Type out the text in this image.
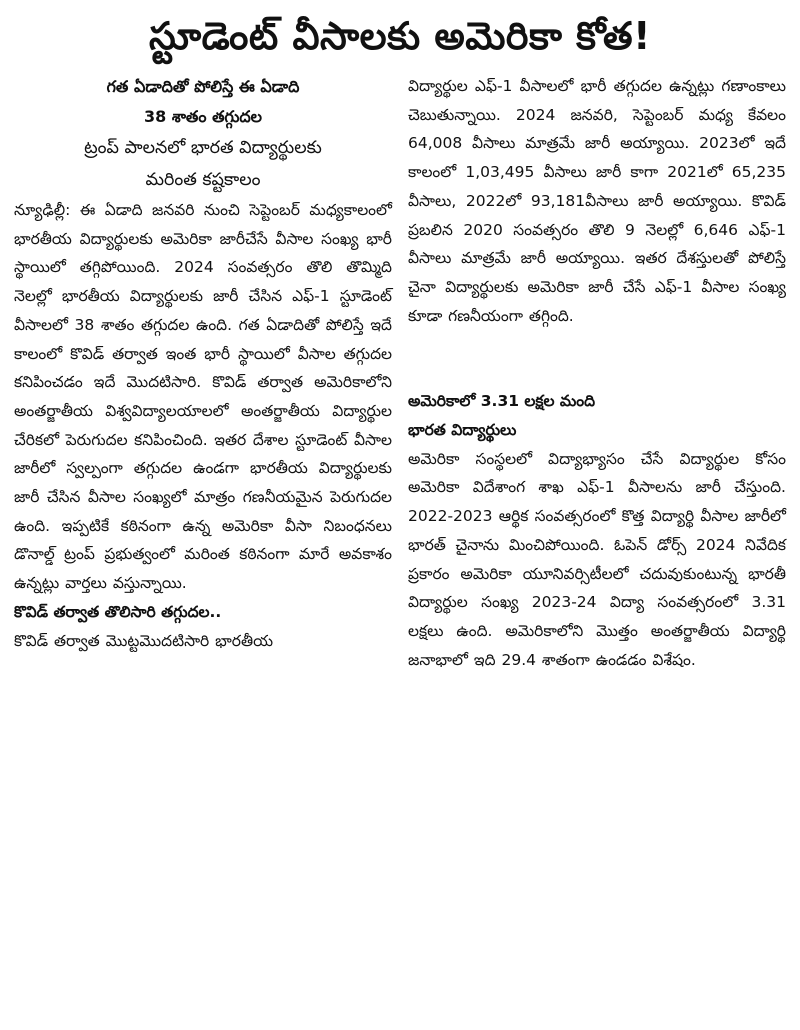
స్టూడెంట్ వీసాలకు అమెరికా కోత!
గత ఏడాదితో పోలిస్తే ఈ ఏడాది
38 శాతం తగ్గుదల
ట్రంప్ పాలనలో భారత విద్యార్థులకు
మరింత కష్టకాలం

న్యూఢిల్లీ: ఈ ఏడాది జనవరి నుంచి సెప్టెంబర్ మధ్యకాలంలో భారతీయ విద్యార్థులకు అమెరికా జారీచేసే వీసాల సంఖ్య భారీ స్థాయిలో తగ్గిపోయింది. 2024 సంవత్సరం తొలి తొమ్మిది నెలల్లో భారతీయ విద్యార్థులకు జారీ చేసిన ఎఫ్-1 స్టూడెంట్ వీసాలలో 38 శాతం తగ్గుదల ఉంది. గత ఏడాదితో పోలిస్తే ఇదే కాలంలో కొవిడ్ తర్వాత ఇంత భారీ స్థాయిలో వీసాల తగ్గుదల కనిపించడం ఇదే మొదటిసారి. కొవిడ్ తర్వాత అమెరికాలోని అంతర్జాతీయ విశ్వవిద్యాలయాలలో అంతర్జాతీయ విద్యార్థుల చేరికలో పెరుగుదల కనిపించింది. ఇతర దేశాల స్టూడెంట్ వీసాల జారీలో స్వల్పంగా తగ్గుదల ఉండగా భారతీయ విద్యార్థులకు జారీ చేసిన వీసాల సంఖ్యలో మాత్రం గణనీయమైన పెరుగుదల ఉంది. ఇప్పటికే కఠినంగా ఉన్న అమెరికా వీసా నిబంధనలు డొనాల్డ్ ట్రంప్ ప్రభుత్వంలో మరింత కఠినంగా మారే అవకాశం ఉన్నట్లు వార్తలు వస్తున్నాయి.

కొవిడ్ తర్వాత తొలిసారి తగ్గుదల..

కొవిడ్ తర్వాత మొట్టమొదటిసారి భారతీయ

విద్యార్థుల ఎఫ్-1 వీసాలలో భారీ తగ్గుదల ఉన్నట్లు గణాంకాలు చెబుతున్నాయి. 2024 జనవరి, సెప్టెంబర్ మధ్య కేవలం 64,008 వీసాలు మాత్రమే జారీ అయ్యాయి. 2023లో ఇదే కాలంలో 1,03,495 వీసాలు జారీ కాగా 2021లో 65,235 వీసాలు, 2022లో 93,181వీసాలు జారీ అయ్యాయి. కొవిడ్ ప్రబలిన 2020 సంవత్సరం తొలి 9 నెలల్లో 6,646 ఎఫ్-1 వీసాలు మాత్రమే జారీ అయ్యాయి. ఇతర దేశస్తులతో పోలిస్తే చైనా విద్యార్థులకు అమెరికా జారీ చేసే ఎఫ్-1 వీసాల సంఖ్య కూడా గణనీయంగా తగ్గింది.

అమెరికాలో 3.31 లక్షల మంది

భారత విద్యార్థులు

అమెరికా సంస్థలలో విద్యాభ్యాసం చేసే విద్యార్థుల కోసం అమెరికా విదేశాంగ శాఖ ఎఫ్-1 వీసాలను జారీ చేస్తుంది. 2022-2023 ఆర్థిక సంవత్సరంలో కొత్త విద్యార్థి వీసాల జారీలో భారత్ చైనాను మించిపోయింది. ఓపెన్ డోర్స్ 2024 నివేదిక ప్రకారం అమెరికా యూనివర్సిటీలలో చదువుకుంటున్న భారతీ విద్యార్థుల సంఖ్య 2023-24 విద్యా సంవత్సరంలో 3.31 లక్షలు ఉంది. అమెరికాలోని మొత్తం అంతర్జాతీయ విద్యార్థి జనాభాలో ఇది 29.4 శాతంగా ఉండడం విశేషం.
